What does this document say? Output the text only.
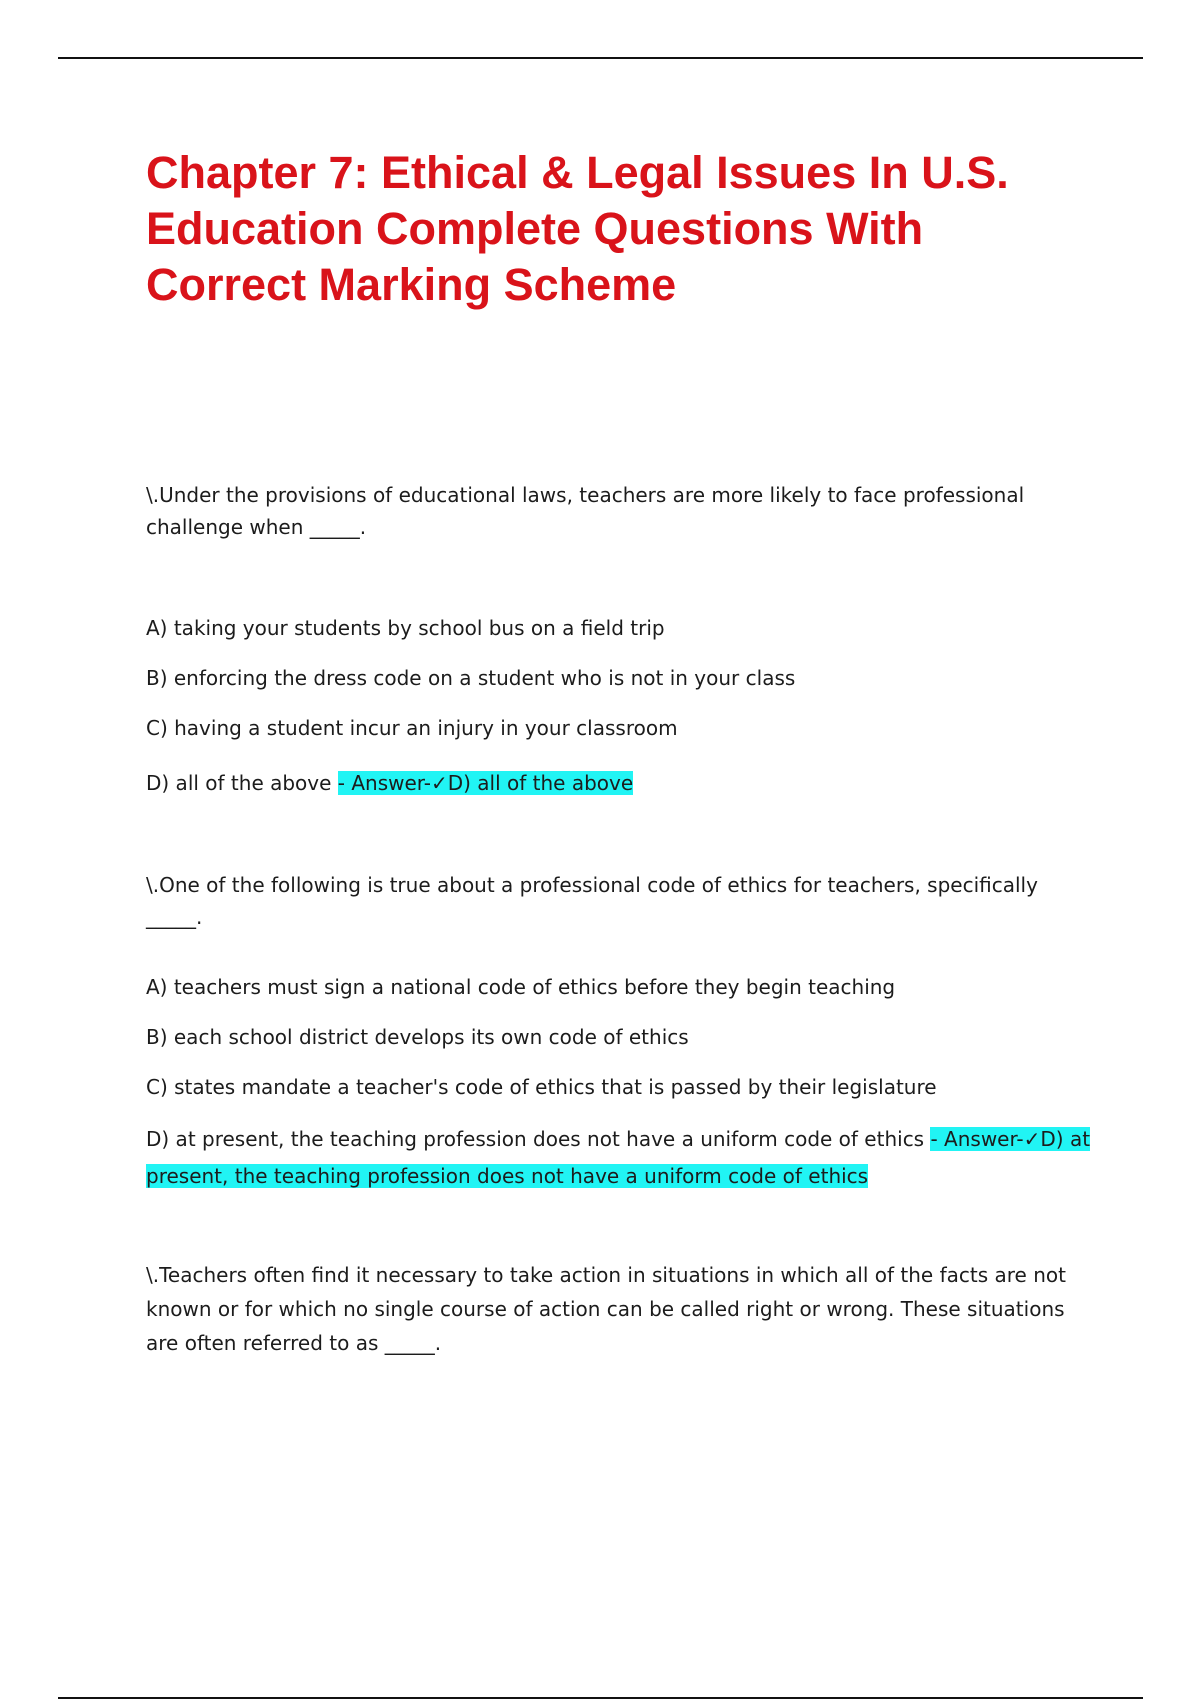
Chapter 7: Ethical & Legal Issues In U.S. Education Complete Questions With Correct Marking Scheme

\.Under the provisions of educational laws, teachers are more likely to face professional challenge when _____.

A) taking your students by school bus on a field trip

B) enforcing the dress code on a student who is not in your class

C) having a student incur an injury in your classroom

D) all of the above - Answer-✓D) all of the above

\.One of the following is true about a professional code of ethics for teachers, specifically _____.

A) teachers must sign a national code of ethics before they begin teaching

B) each school district develops its own code of ethics

C) states mandate a teacher's code of ethics that is passed by their legislature

D) at present, the teaching profession does not have a uniform code of ethics - Answer-✓D) at present, the teaching profession does not have a uniform code of ethics

\.Teachers often find it necessary to take action in situations in which all of the facts are not known or for which no single course of action can be called right or wrong. These situations are often referred to as _____.
